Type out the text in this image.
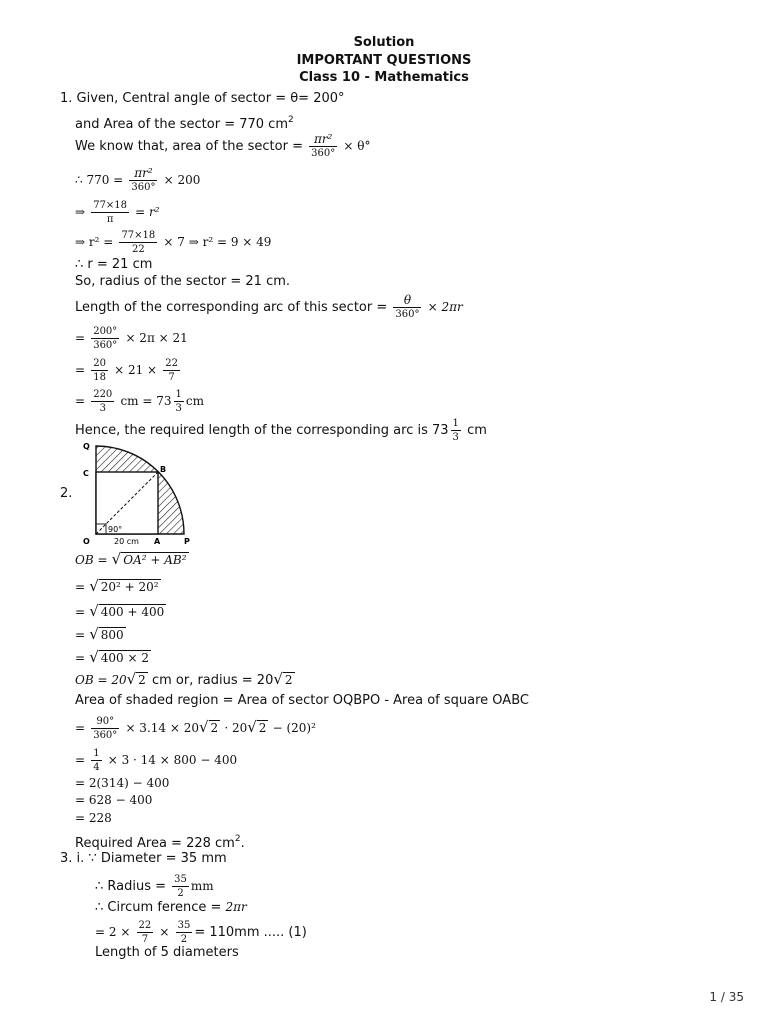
Solution
IMPORTANT QUESTIONS
Class 10 - Mathematics
1. Given, Central angle of sector = θ= 200°
and Area of the sector = 770 $cm^2$
We know that, area of the sector = $\frac{\text{πr²}}{360^\circ} \times \theta^\circ$
∴ $770 = \frac{\text{πr²}}{360^\circ} \times 200$
⇒ $\frac{77\times 18}{\pi} = r^2$
⇒ $r^2 = \frac{77\times 18}{22} \times 7$ ⇒ r² = 9 × 49
∴ r = 21 cm
So, radius of the sector = 21 cm.
Length of the corresponding arc of this sector = $\frac{\theta}{360^\circ} \times 2\pi r$
= $\frac{200^\circ}{360^\circ} \times 2\pi \times 21$
= $\frac{20}{18} \times 21 \times \frac{22}{7}$
= $\frac{220}{3}$ cm = $73 \frac{1}{3}$ cm
Hence, the required length of the corresponding arc is $73 \frac{1}{3}$ cm
2.
Q
C	B
O	A	P
90°
20 cm
OB = √ OA² + AB²
= √ 20² + 20²
= √ 400 + 400
= √ 800
= √ 400 × 2
OB = 20√ 2 cm or, radius = 20√ 2
Area of shaded region = Area of sector OQBPO - Area of square OABC
= $\frac{90^\circ}{360^\circ} \times 3.14 \times 20√$ 2 · 20√ 2 − (20)²
= $\frac{1}{4} \times 3 \cdot 14 \times 800 - 400$
= 2(314) − 400
= 628 − 400
= 228
Required Area = 228 $cm^2$.
3. i. ∵ Diameter = 35 mm
∴ Radius = $\frac{35}{2}$ mm
∴ Circum ference = 2πr
= $2 \times \frac{22}{7} \times \frac{35}{2} = 110mm$ ..... (1)
Length of 5 diameters
1 / 35
